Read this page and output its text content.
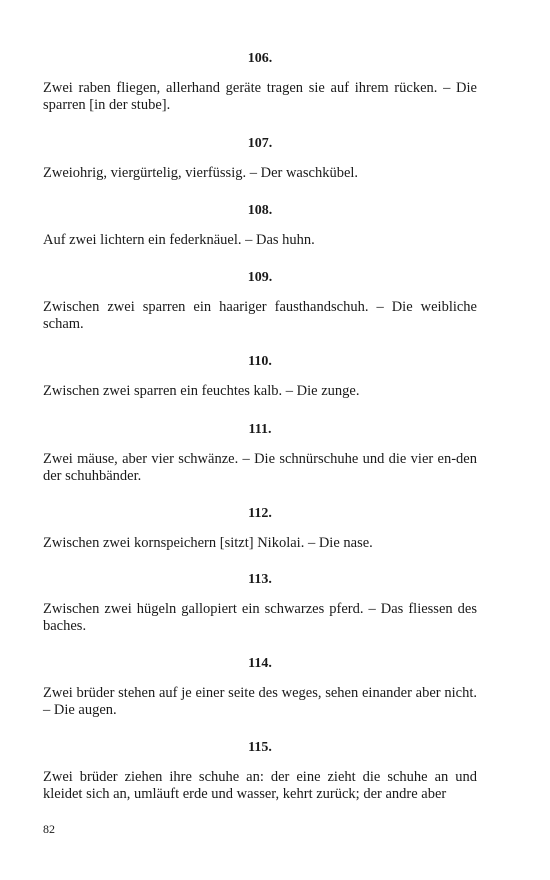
106.
Zwei raben fliegen, allerhand geräte tragen sie auf ihrem rücken. – Die sparren [in der stube].
107.
Zweiohrig, viergürtelig, vierfüssig. – Der waschkübel.
108.
Auf zwei lichtern ein federknäuel. – Das huhn.
109.
Zwischen zwei sparren ein haariger fausthandschuh. – Die weibliche scham.
110.
Zwischen zwei sparren ein feuchtes kalb. – Die zunge.
111.
Zwei mäuse, aber vier schwänze. – Die schnürschuhe und die vier en-den der schuhbänder.
112.
Zwischen zwei kornspeichern [sitzt] Nikolai. – Die nase.
113.
Zwischen zwei hügeln gallopiert ein schwarzes pferd. – Das fliessen des baches.
114.
Zwei brüder stehen auf je einer seite des weges, sehen einander aber nicht. – Die augen.
115.
Zwei brüder ziehen ihre schuhe an: der eine zieht die schuhe an und kleidet sich an, umläuft erde und wasser, kehrt zurück; der andre aber
82
